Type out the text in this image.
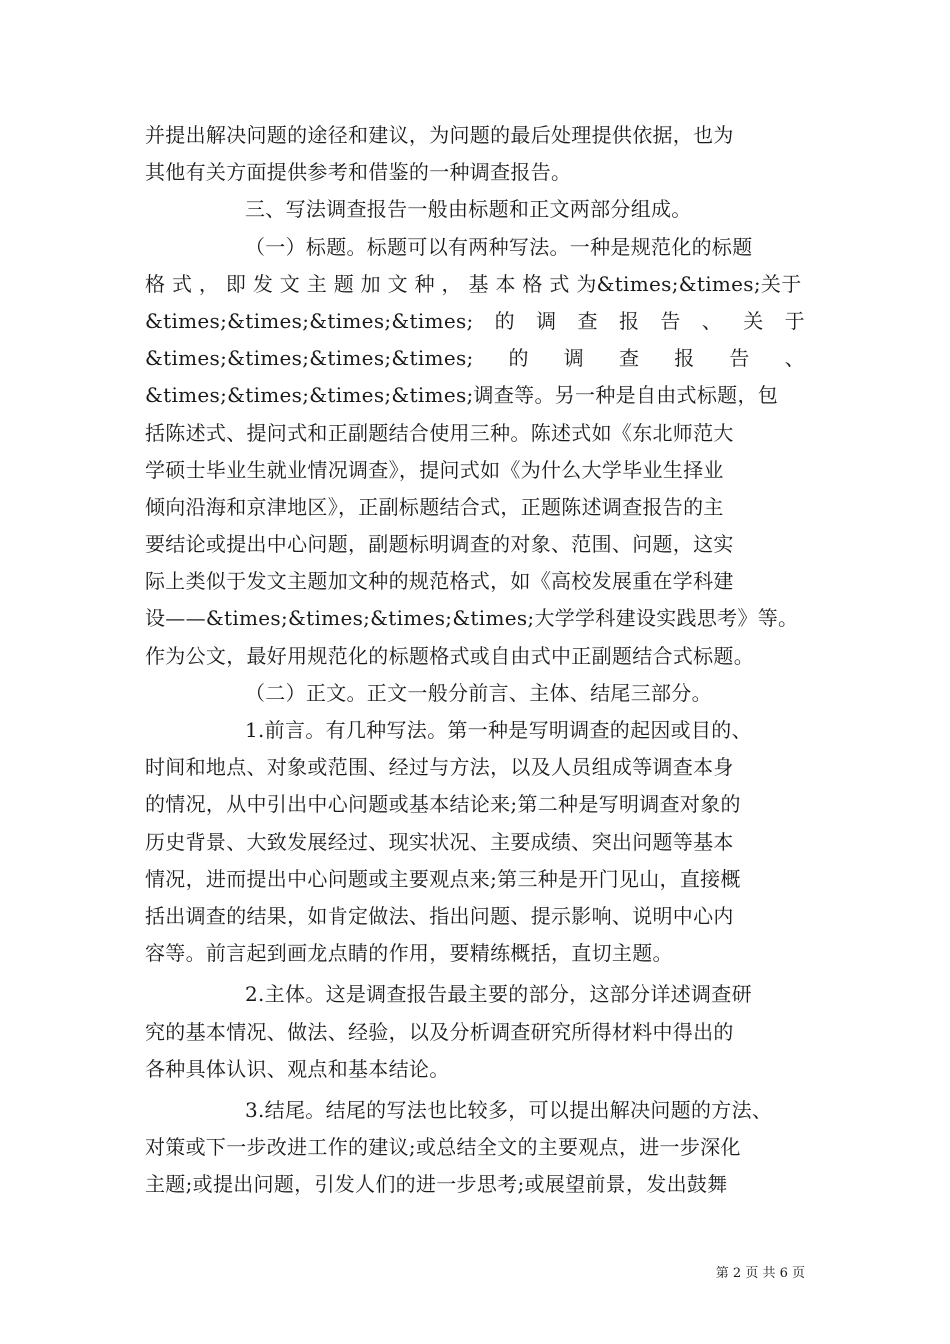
并提出解决问题的途径和建议，为问题的最后处理提供依据，也为
其他有关方面提供参考和借鉴的一种调查报告。
三、写法调查报告一般由标题和正文两部分组成。
（一）标题。标题可以有两种写法。一种是规范化的标题
格 式 ， 即 发 文 主 题 加 文 种 ， 基 本 格 式 为&times;&times;关于
&times;&times;&times;&times; 的 调 查 报 告 、 关 于
&times;&times;&times;&times; 的 调 查 报 告 、
&times;&times;&times;&times;调查等。另一种是自由式标题，包
括陈述式、提问式和正副题结合使用三种。陈述式如《东北师范大
学硕士毕业生就业情况调查》，提问式如《为什么大学毕业生择业
倾向沿海和京津地区》，正副标题结合式，正题陈述调查报告的主
要结论或提出中心问题，副题标明调查的对象、范围、问题，这实
际上类似于发文主题加文种的规范格式，如《高校发展重在学科建
设——&times;&times;&times;&times;大学学科建设实践思考》等。
作为公文，最好用规范化的标题格式或自由式中正副题结合式标题。
（二）正文。正文一般分前言、主体、结尾三部分。
1.前言。有几种写法。第一种是写明调查的起因或目的、
时间和地点、对象或范围、经过与方法，以及人员组成等调查本身
的情况，从中引出中心问题或基本结论来;第二种是写明调查对象的
历史背景、大致发展经过、现实状况、主要成绩、突出问题等基本
情况，进而提出中心问题或主要观点来;第三种是开门见山，直接概
括出调查的结果，如肯定做法、指出问题、提示影响、说明中心内
容等。前言起到画龙点睛的作用，要精练概括，直切主题。
2.主体。这是调查报告最主要的部分，这部分详述调查研
究的基本情况、做法、经验，以及分析调查研究所得材料中得出的
各种具体认识、观点和基本结论。
3.结尾。结尾的写法也比较多，可以提出解决问题的方法、
对策或下一步改进工作的建议;或总结全文的主要观点，进一步深化
主题;或提出问题，引发人们的进一步思考;或展望前景，发出鼓舞
第 2 页 共 6 页
